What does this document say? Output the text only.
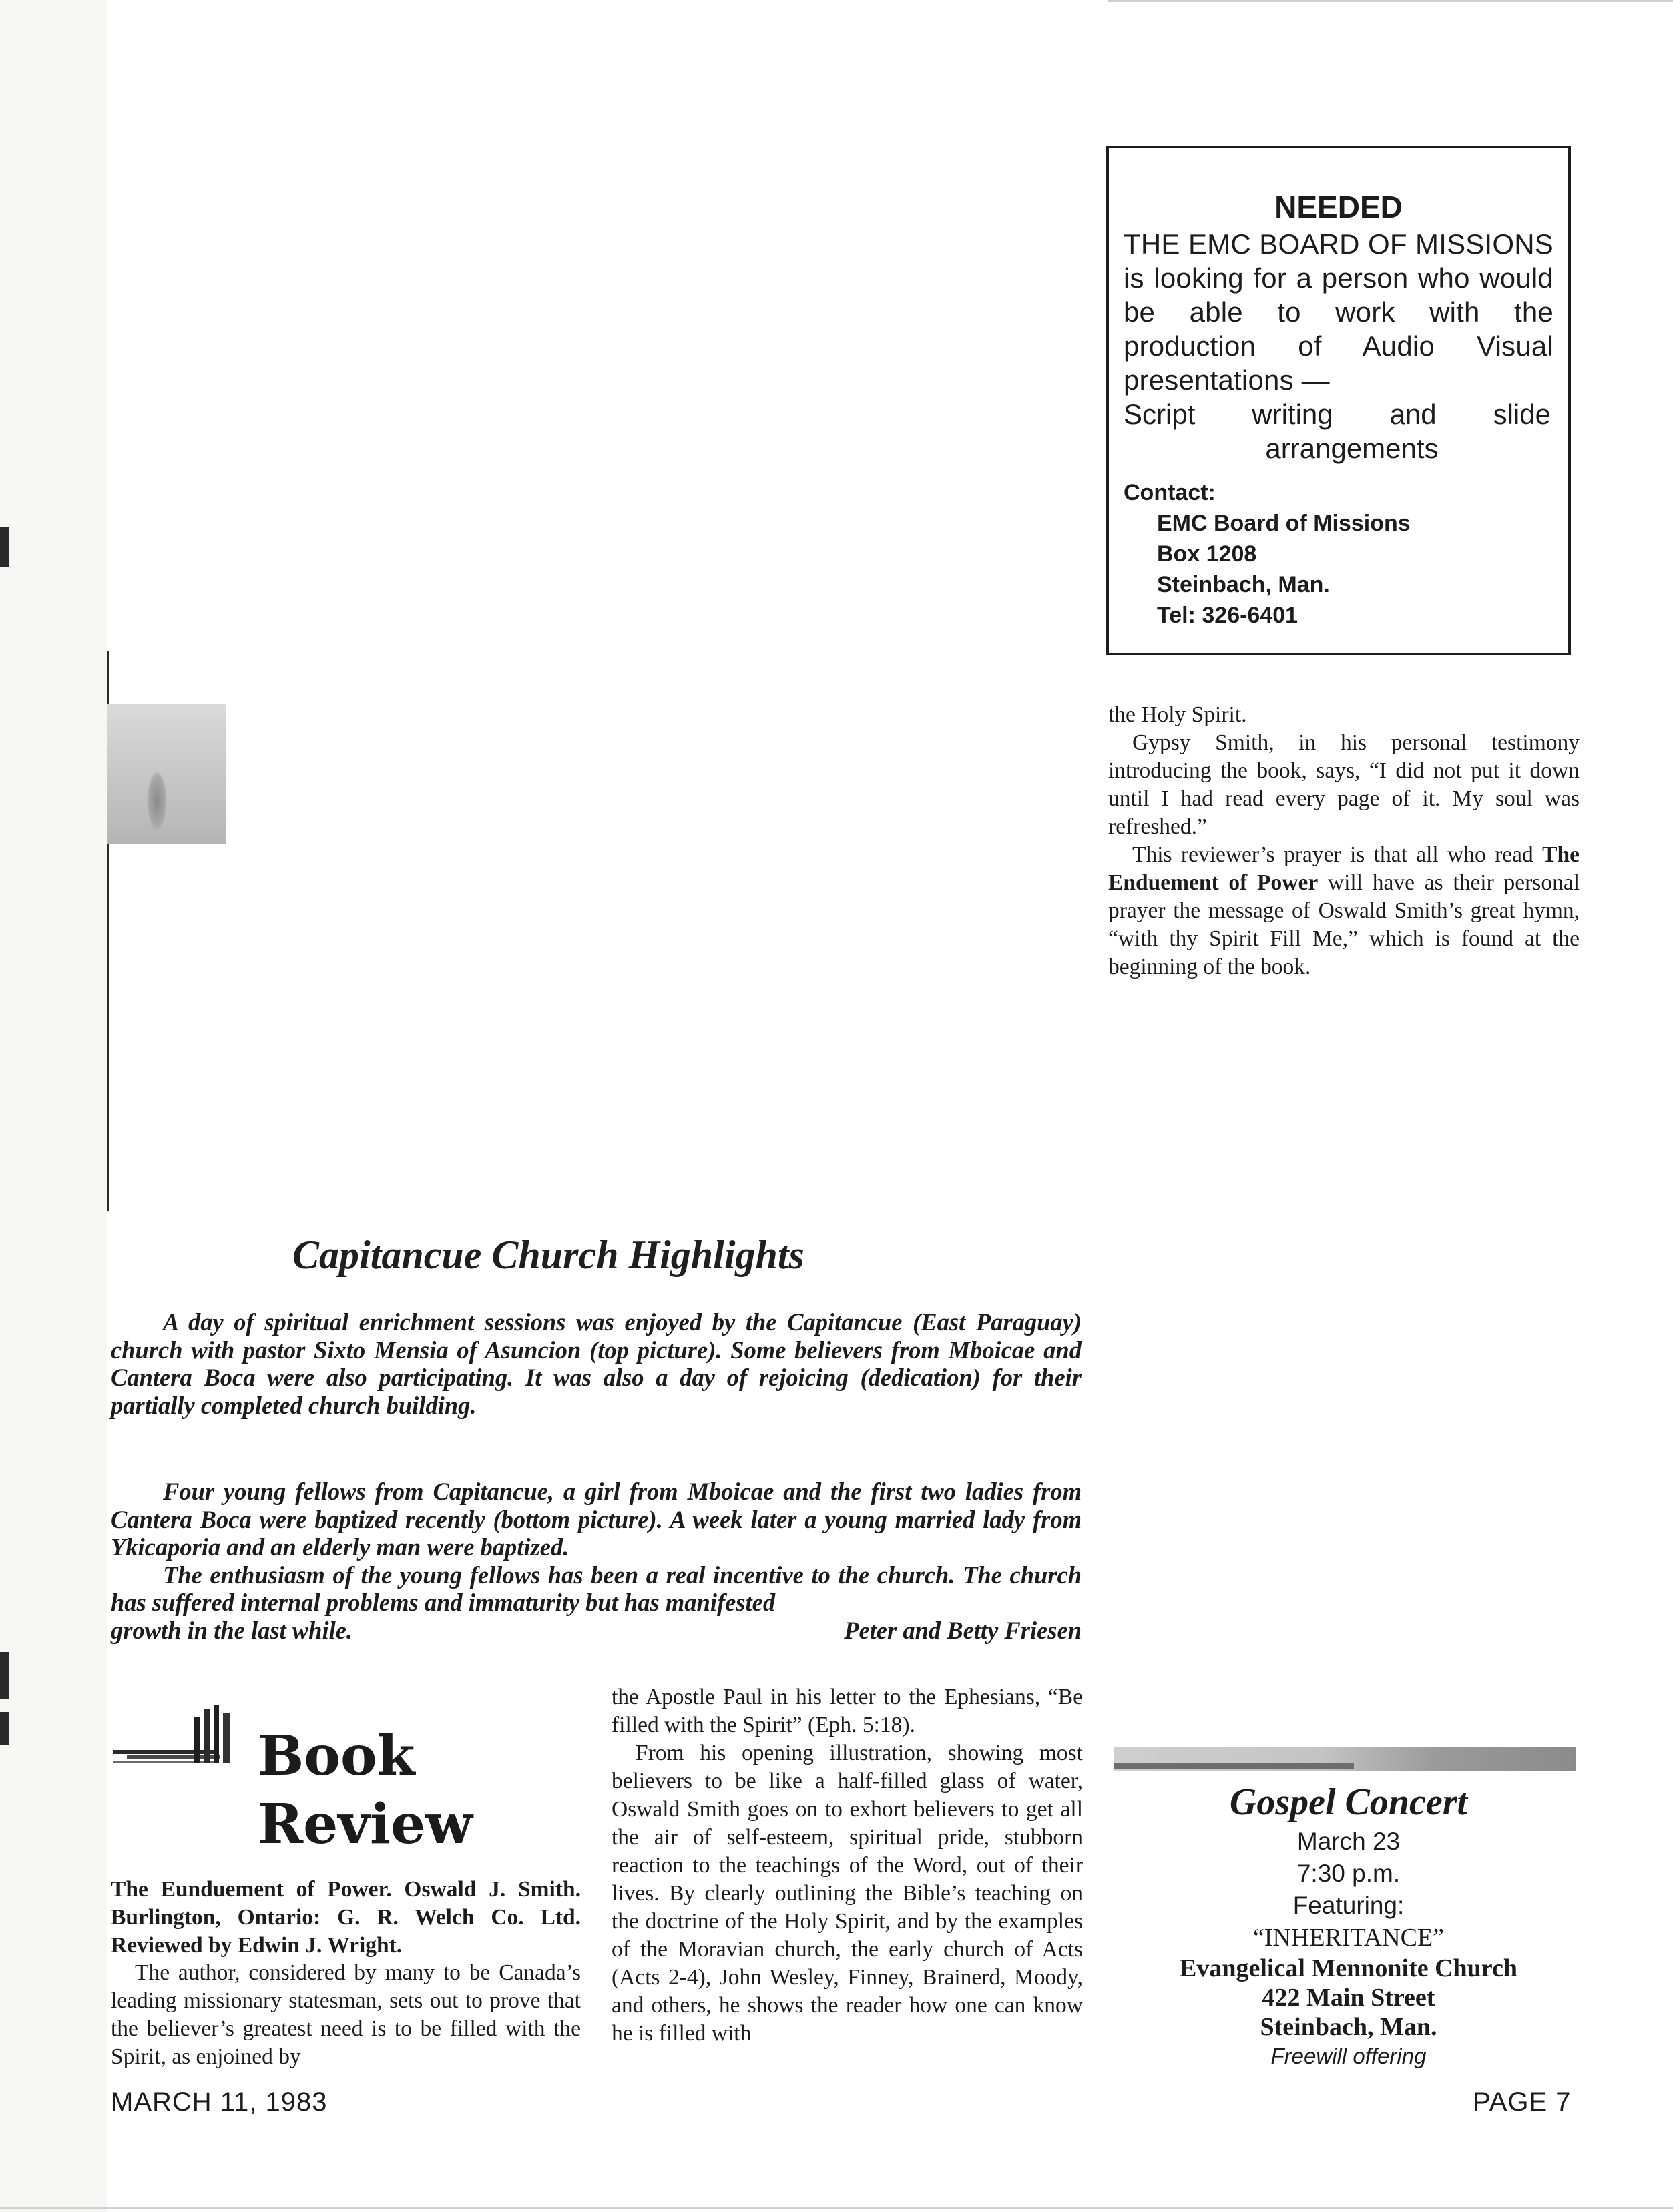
NEEDED
THE EMC BOARD OF MISSIONS is looking for a person who would be able to work with the production of Audio Visual presentations —
Script writing and slide
arrangements
Contact:
EMC Board of Missions
Box 1208
Steinbach, Man.
Tel: 326-6401

the Holy Spirit.

Gypsy Smith, in his personal testimony introducing the book, says, “I did not put it down until I had read every page of it. My soul was refreshed.”

This reviewer’s prayer is that all who read The Enduement of Power will have as their personal prayer the message of Oswald Smith’s great hymn, “with thy Spirit Fill Me,” which is found at the beginning of the book.

Capitancue Church Highlights

A day of spiritual enrichment sessions was enjoyed by the Capitancue (East Paraguay) church with pastor Sixto Mensia of Asuncion (top picture). Some believers from Mboicae and Cantera Boca were also participating. It was also a day of rejoicing (dedication) for their partially completed church building.

Four young fellows from Capitancue, a girl from Mboicae and the first two ladies from Cantera Boca were baptized recently (bottom picture). A week later a young married lady from Ykicaporia and an elderly man were baptized.

The enthusiasm of the young fellows has been a real incentive to the church. The church has suffered internal problems and immaturity but has manifested

growth in the last while.	Peter and Betty Friesen
Book
Review
The Eunduement of Power. Oswald J. Smith. Burlington, Ontario: G. R. Welch Co. Ltd. Reviewed by Edwin J. Wright.

The author, considered by many to be Canada’s leading missionary statesman, sets out to prove that the believer’s greatest need is to be filled with the Spirit, as enjoined by

the Apostle Paul in his letter to the Ephesians, “Be filled with the Spirit” (Eph. 5:18).

From his opening illustration, showing most believers to be like a half-filled glass of water, Oswald Smith goes on to exhort believers to get all the air of self-esteem, spiritual pride, stubborn reaction to the teachings of the Word, out of their lives. By clearly outlining the Bible’s teaching on the doctrine of the Holy Spirit, and by the examples of the Moravian church, the early church of Acts (Acts 2-4), John Wesley, Finney, Brainerd, Moody, and others, he shows the reader how one can know he is filled with

Gospel Concert
March 23
7:30 p.m.
Featuring:
“INHERITANCE”
Evangelical Mennonite Church
422 Main Street
Steinbach, Man.
Freewill offering
MARCH 11, 1983	PAGE 7
